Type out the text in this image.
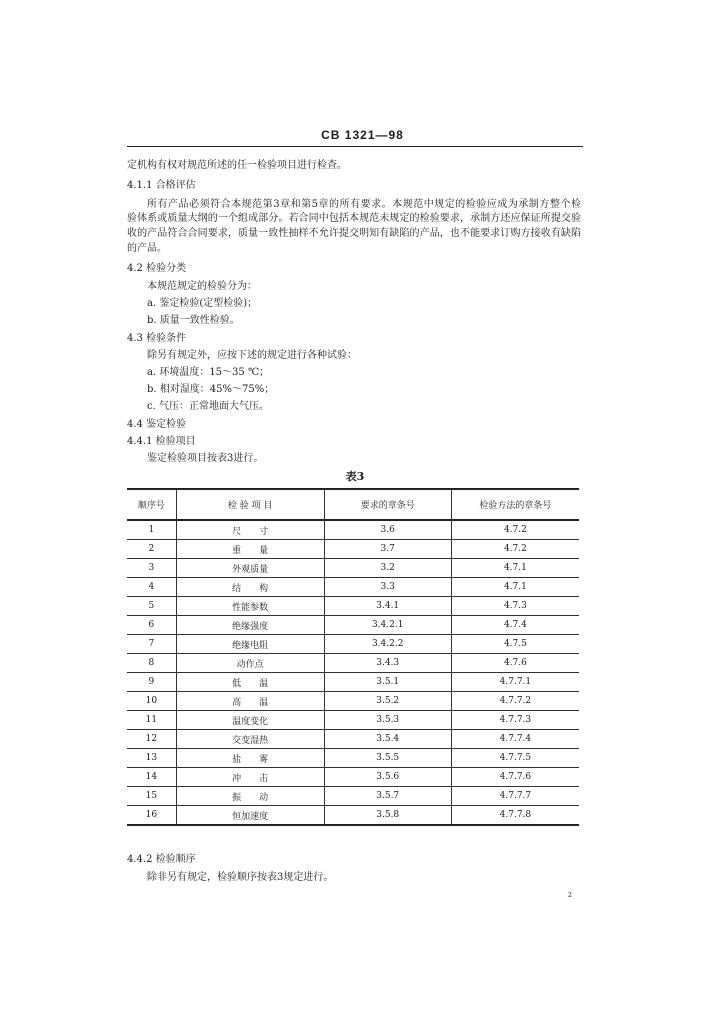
CB 1321—98
定机构有权对规范所述的任一检验项目进行检查。
4.1.1 合格评估
所有产品必须符合本规范第3章和第5章的所有要求。本规范中规定的检验应成为承制方整个检
验体系或质量大纲的一个组成部分。若合同中包括本规范未规定的检验要求，承制方还应保证所提交验
收的产品符合合同要求，质量一致性抽样不允许提交明知有缺陷的产品，也不能要求订购方接收有缺陷
的产品。
4.2 检验分类
本规范规定的检验分为：
a. 鉴定检验(定型检验)；
b. 质量一致性检验。
4.3 检验条件
除另有规定外，应按下述的规定进行各种试验：
a. 环境温度：15～35 ℃；
b. 相对湿度：45%～75%；
c. 气压：正常地面大气压。
4.4 鉴定检验
4.4.1 检验项目
鉴定检验项目按表3进行。
表3
顺序号	检 验 项 目	要求的章条号	检验方法的章条号
1	尺　　寸	3.6	4.7.2
2	重　　量	3.7	4.7.2
3	外观质量	3.2	4.7.1
4	结　　构	3.3	4.7.1
5	性能参数	3.4.1	4.7.3
6	绝缘强度	3.4.2.1	4.7.4
7	绝缘电阻	3.4.2.2	4.7.5
8	动作点	3.4.3	4.7.6
9	低　　温	3.5.1	4.7.7.1
10	高　　温	3.5.2	4.7.7.2
11	温度变化	3.5.3	4.7.7.3
12	交变湿热	3.5.4	4.7.7.4
13	盐　　雾	3.5.5	4.7.7.5
14	冲　　击	3.5.6	4.7.7.6
15	振　　动	3.5.7	4.7.7.7
16	恒加速度	3.5.8	4.7.7.8
4.4.2 检验顺序
除非另有规定，检验顺序按表3规定进行。
2
